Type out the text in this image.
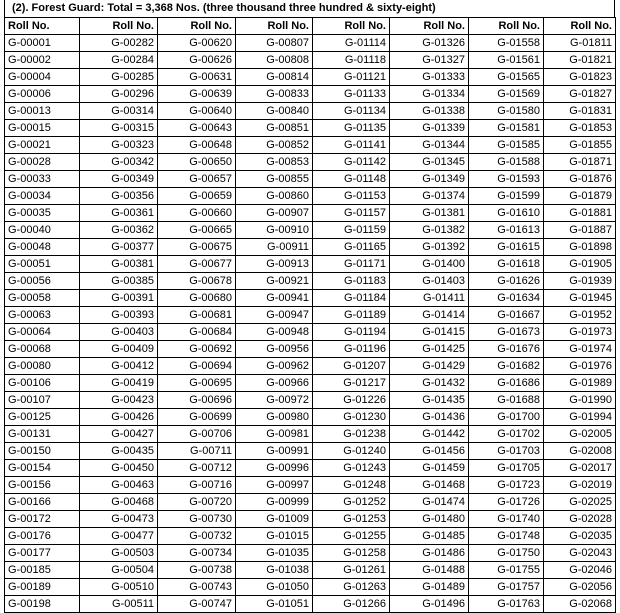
(2). Forest Guard: Total = 3,368 Nos. (three thousand three hundred & sixty-eight)
Roll No.	Roll No.	Roll No.	Roll No.	Roll No.	Roll No.	Roll No.	Roll No.
G-00001	G-00282	G-00620	G-00807	G-01114	G-01326	G-01558	G-01811
G-00002	G-00284	G-00626	G-00808	G-01118	G-01327	G-01561	G-01821
G-00004	G-00285	G-00631	G-00814	G-01121	G-01333	G-01565	G-01823
G-00006	G-00296	G-00639	G-00833	G-01133	G-01334	G-01569	G-01827
G-00013	G-00314	G-00640	G-00840	G-01134	G-01338	G-01580	G-01831
G-00015	G-00315	G-00643	G-00851	G-01135	G-01339	G-01581	G-01853
G-00021	G-00323	G-00648	G-00852	G-01141	G-01344	G-01585	G-01855
G-00028	G-00342	G-00650	G-00853	G-01142	G-01345	G-01588	G-01871
G-00033	G-00349	G-00657	G-00855	G-01148	G-01349	G-01593	G-01876
G-00034	G-00356	G-00659	G-00860	G-01153	G-01374	G-01599	G-01879
G-00035	G-00361	G-00660	G-00907	G-01157	G-01381	G-01610	G-01881
G-00040	G-00362	G-00665	G-00910	G-01159	G-01382	G-01613	G-01887
G-00048	G-00377	G-00675	G-00911	G-01165	G-01392	G-01615	G-01898
G-00051	G-00381	G-00677	G-00913	G-01171	G-01400	G-01618	G-01905
G-00056	G-00385	G-00678	G-00921	G-01183	G-01403	G-01626	G-01939
G-00058	G-00391	G-00680	G-00941	G-01184	G-01411	G-01634	G-01945
G-00063	G-00393	G-00681	G-00947	G-01189	G-01414	G-01667	G-01952
G-00064	G-00403	G-00684	G-00948	G-01194	G-01415	G-01673	G-01973
G-00068	G-00409	G-00692	G-00956	G-01196	G-01425	G-01676	G-01974
G-00080	G-00412	G-00694	G-00962	G-01207	G-01429	G-01682	G-01976
G-00106	G-00419	G-00695	G-00966	G-01217	G-01432	G-01686	G-01989
G-00107	G-00423	G-00696	G-00972	G-01226	G-01435	G-01688	G-01990
G-00125	G-00426	G-00699	G-00980	G-01230	G-01436	G-01700	G-01994
G-00131	G-00427	G-00706	G-00981	G-01238	G-01442	G-01702	G-02005
G-00150	G-00435	G-00711	G-00991	G-01240	G-01456	G-01703	G-02008
G-00154	G-00450	G-00712	G-00996	G-01243	G-01459	G-01705	G-02017
G-00156	G-00463	G-00716	G-00997	G-01248	G-01468	G-01723	G-02019
G-00166	G-00468	G-00720	G-00999	G-01252	G-01474	G-01726	G-02025
G-00172	G-00473	G-00730	G-01009	G-01253	G-01480	G-01740	G-02028
G-00176	G-00477	G-00732	G-01015	G-01255	G-01485	G-01748	G-02035
G-00177	G-00503	G-00734	G-01035	G-01258	G-01486	G-01750	G-02043
G-00185	G-00504	G-00738	G-01038	G-01261	G-01488	G-01755	G-02046
G-00189	G-00510	G-00743	G-01050	G-01263	G-01489	G-01757	G-02056
G-00198	G-00511	G-00747	G-01051	G-01266	G-01496	G-01763	G-02068
